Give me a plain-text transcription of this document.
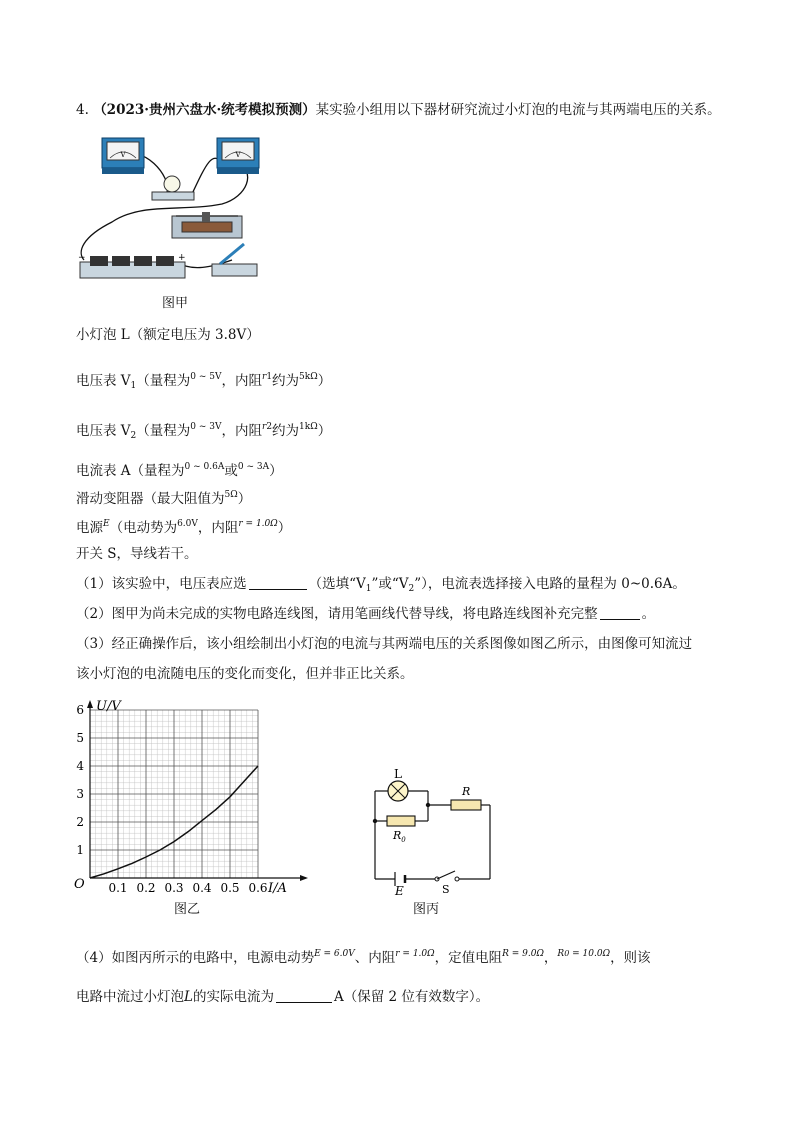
4. （2023·贵州六盘水·统考模拟预测）某实验小组用以下器材研究流过小灯泡的电流与其两端电压的关系。
V	V
−	+
图甲
小灯泡 L（额定电压为 3.8V）
电压表 $V_1$（量程为$^{0 \sim 5V}$，内阻$^{r1}$约为$^{5k\Omega}$）
电压表 $V_2$（量程为$^{0 \sim 3V}$，内阻$^{r2}$约为$^{1k\Omega}$）
电流表 A（量程为$^{0 \sim 0.6A}$或$^{0 \sim 3A}$）
滑动变阻器（最大阻值为$^{5\Omega}$）
电源$^E$（电动势为$^{6.0V}$，内阻$^{r = 1.0\Omega}$）
开关 S，导线若干。
（1）该实验中，电压表应选	（选填“$V_1$”或“$V_2$”），电流表选择接入电路的量程为 0~0.6A。
（2）图甲为尚未完成的实物电路连线图，请用笔画线代替导线，将电路连线图补充完整	。
（3）经正确操作后，该小组绘制出小灯泡的电流与其两端电压的关系图像如图乙所示，由图像可知流过
该小灯泡的电流随电压的变化而变化，但并非正比关系。
0.1 0.2 0.3 0.4 0.5 0.6
1
2
3
4
5
6
I/A
U/V
O
图乙
L
$R_0$
R
E	S
图丙
（4）如图丙所示的电路中，电源电动势$^{E = 6.0V}$、内阻$^{r = 1.0\Omega}$，定值电阻$^{R = 9.0\Omega}$，$^{R0 = 10.0\Omega}$，则该
电路中流过小灯泡L的实际电流为	A（保留 2 位有效数字）。
